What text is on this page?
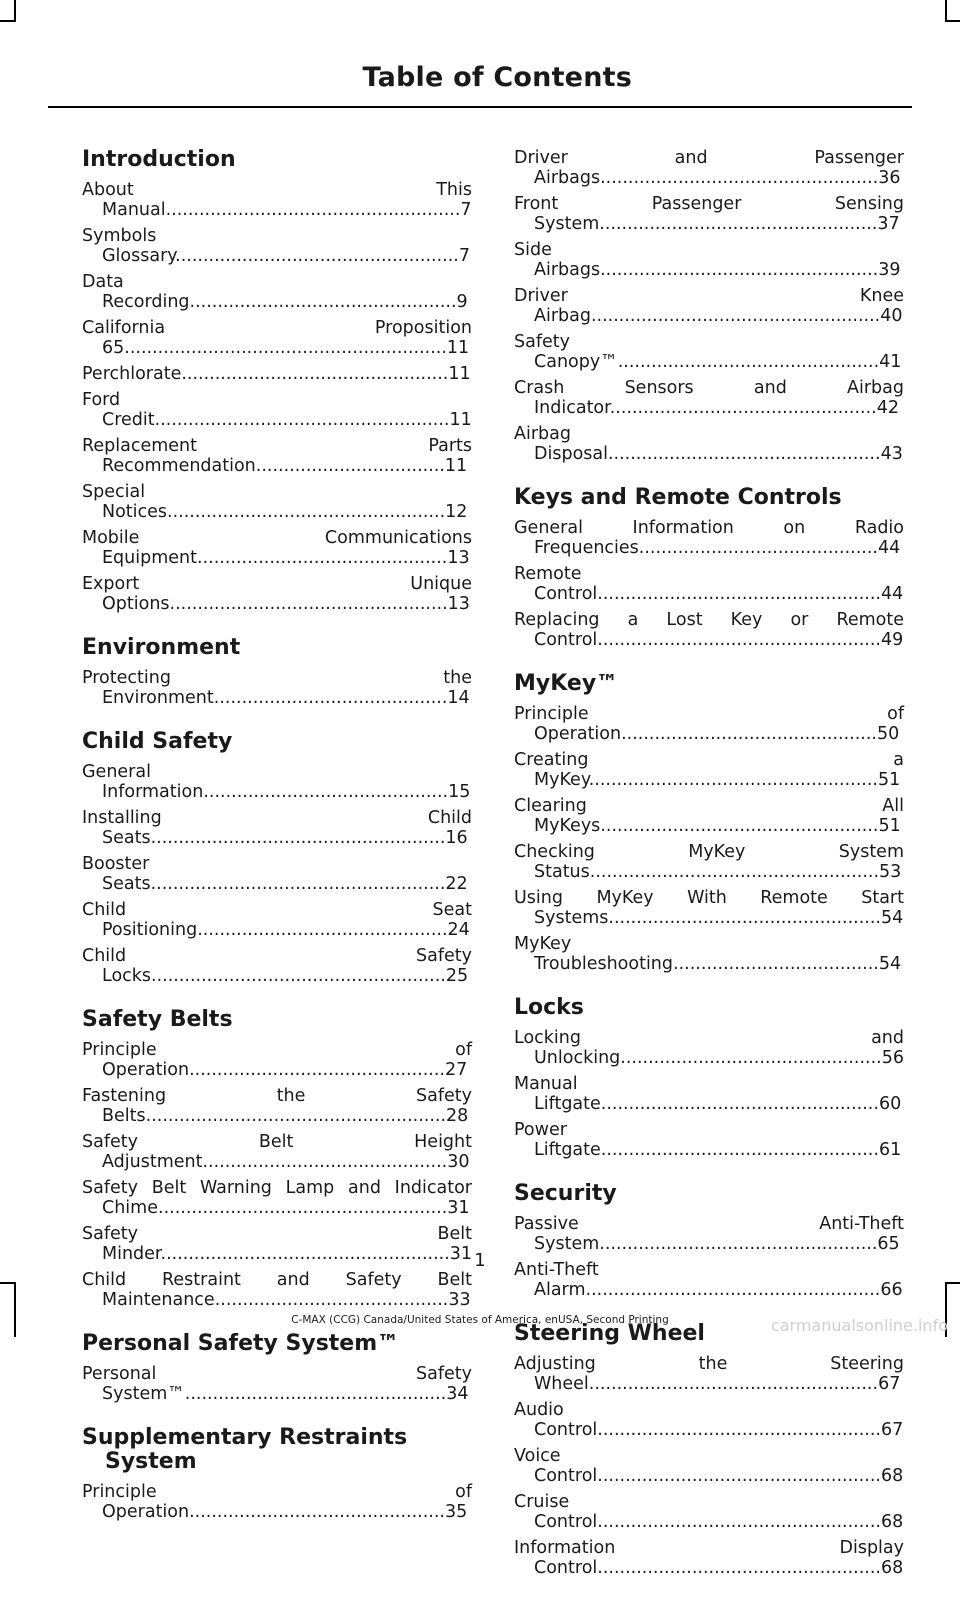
Table of Contents
Introduction
About This Manual.....................................................7
Symbols Glossary...................................................7
Data Recording................................................9
California Proposition 65..........................................................11
Perchlorate................................................11
Ford Credit.....................................................11
Replacement Parts Recommendation..................................11
Special Notices..................................................12
Mobile Communications Equipment.............................................13
Export Unique Options..................................................13
Environment
Protecting the Environment..........................................14
Child Safety
General Information............................................15
Installing Child Seats.....................................................16
Booster Seats.....................................................22
Child Seat Positioning.............................................24
Child Safety Locks.....................................................25
Safety Belts
Principle of Operation..............................................27
Fastening the Safety Belts......................................................28
Safety Belt Height Adjustment............................................30
Safety Belt Warning Lamp and Indicator Chime....................................................31
Safety Belt Minder....................................................31
Child Restraint and Safety Belt Maintenance..........................................33
Personal Safety System™
Personal Safety System™...............................................34
Supplementary Restraints System
Principle of Operation..............................................35
Driver and Passenger Airbags..................................................36
Front Passenger Sensing System..................................................37
Side Airbags..................................................39
Driver Knee Airbag....................................................40
Safety Canopy™...............................................41
Crash Sensors and Airbag Indicator................................................42
Airbag Disposal.................................................43
Keys and Remote Controls
General Information on Radio Frequencies...........................................44
Remote Control...................................................44
Replacing a Lost Key or Remote Control...................................................49
MyKey™
Principle of Operation..............................................50
Creating a MyKey....................................................51
Clearing All MyKeys..................................................51
Checking MyKey System Status....................................................53
Using MyKey With Remote Start Systems.................................................54
MyKey Troubleshooting.....................................54
Locks
Locking and Unlocking...............................................56
Manual Liftgate..................................................60
Power Liftgate..................................................61
Security
Passive Anti-Theft System..................................................65
Anti-Theft Alarm.....................................................66
Steering Wheel
Adjusting the Steering Wheel....................................................67
Audio Control...................................................67
Voice Control...................................................68
Cruise Control...................................................68
Information Display Control...................................................68

1

C-MAX (CCG) Canada/United States of America, enUSA, Second Printing	carmanualsonline.info
